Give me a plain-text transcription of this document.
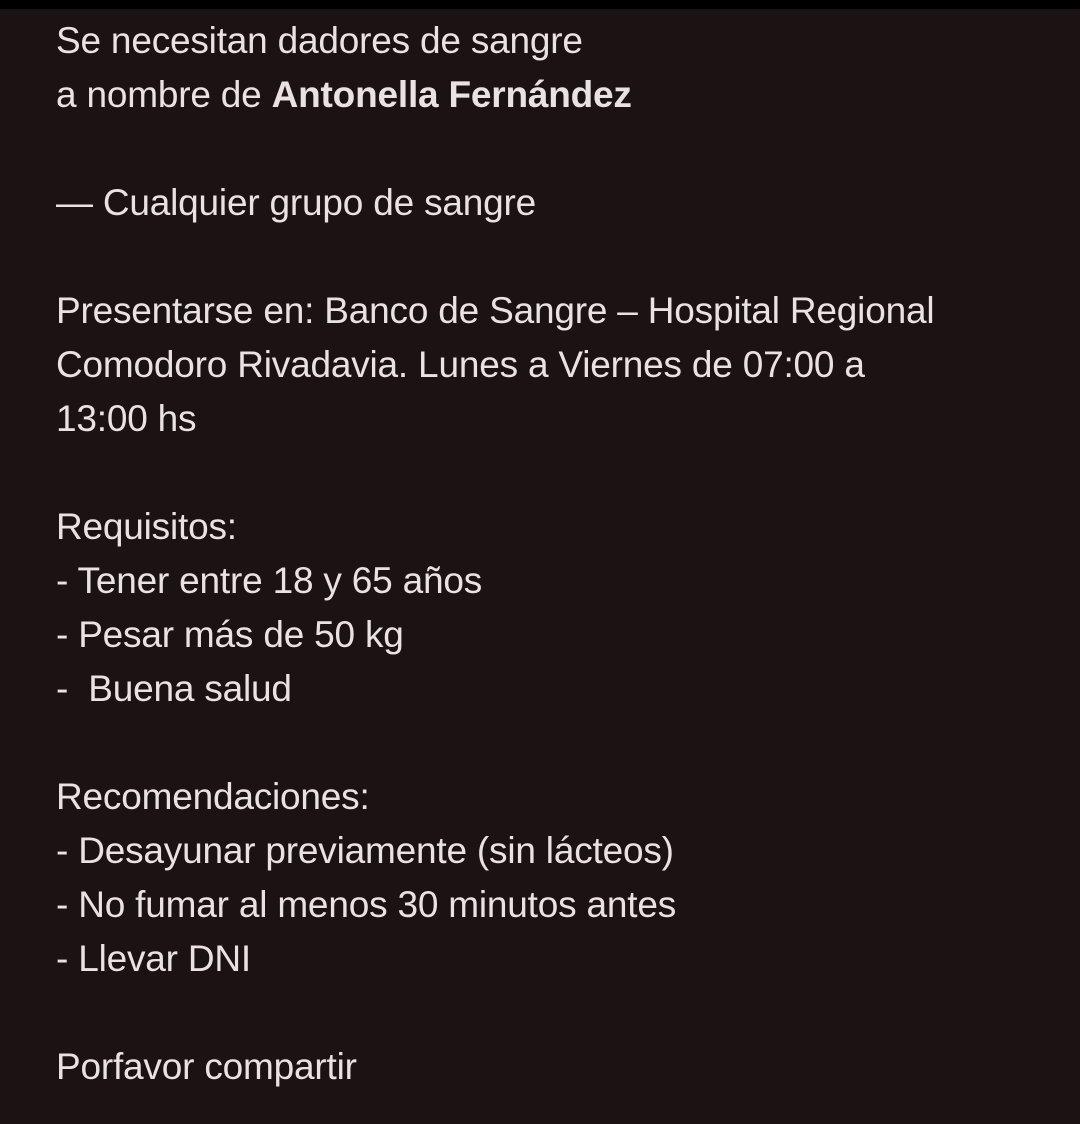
Se necesitan dadores de sangre
a nombre de Antonella Fernández
— Cualquier grupo de sangre
Presentarse en: Banco de Sangre – Hospital Regional
Comodoro Rivadavia. Lunes a Viernes de 07:00 a
13:00 hs
Requisitos:
- Tener entre 18 y 65 años
- Pesar más de 50 kg
-  Buena salud
Recomendaciones:
- Desayunar previamente (sin lácteos)
- No fumar al menos 30 minutos antes
- Llevar DNI
Porfavor compartir
